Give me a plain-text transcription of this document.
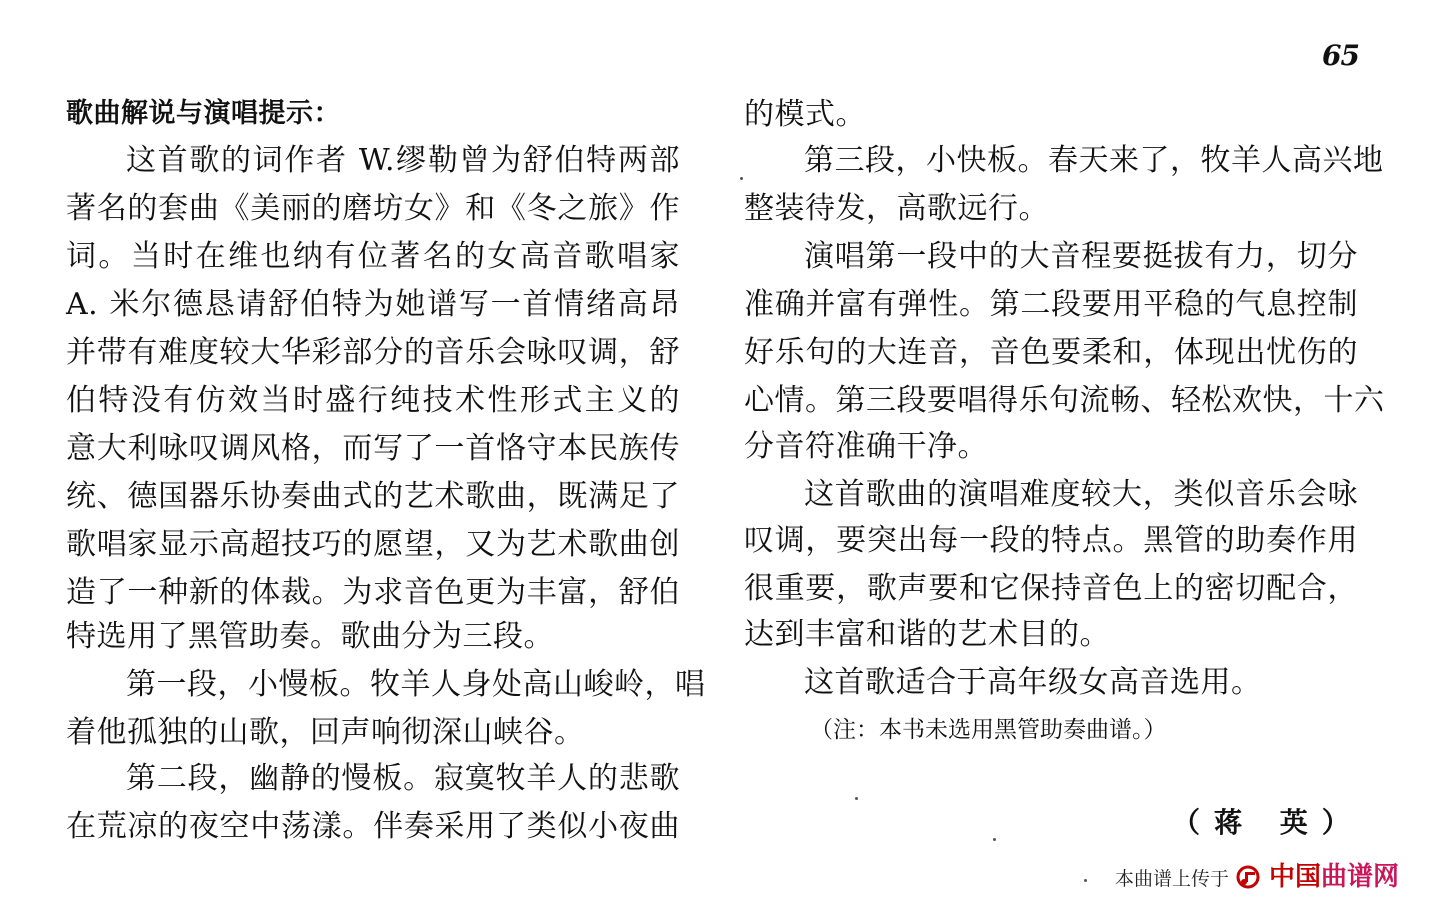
65
歌曲解说与演唱提示：
这首歌的词作者 W.缪勒曾为舒伯特两部
著名的套曲《美丽的磨坊女》和《冬之旅》作
词。当时在维也纳有位著名的女高音歌唱家
A. 米尔德恳请舒伯特为她谱写一首情绪高昂
并带有难度较大华彩部分的音乐会咏叹调，舒
伯特没有仿效当时盛行纯技术性形式主义的
意大利咏叹调风格，而写了一首恪守本民族传
统、德国器乐协奏曲式的艺术歌曲，既满足了
歌唱家显示高超技巧的愿望，又为艺术歌曲创
造了一种新的体裁。为求音色更为丰富，舒伯
特选用了黑管助奏。歌曲分为三段。
第一段，小慢板。牧羊人身处高山峻岭，唱
着他孤独的山歌，回声响彻深山峡谷。
第二段，幽静的慢板。寂寞牧羊人的悲歌
在荒凉的夜空中荡漾。伴奏采用了类似小夜曲
的模式。
第三段，小快板。春天来了，牧羊人高兴地
整装待发，高歌远行。
演唱第一段中的大音程要挺拔有力，切分
准确并富有弹性。第二段要用平稳的气息控制
好乐句的大连音，音色要柔和，体现出忧伤的
心情。第三段要唱得乐句流畅、轻松欢快，十六
分音符准确干净。
这首歌曲的演唱难度较大，类似音乐会咏
叹调，要突出每一段的特点。黑管的助奏作用
很重要，歌声要和它保持音色上的密切配合，
达到丰富和谐的艺术目的。
这首歌适合于高年级女高音选用。
（注：本书未选用黑管助奏曲谱。）
（蒋 英）
本曲谱上传于 中国 曲谱网
